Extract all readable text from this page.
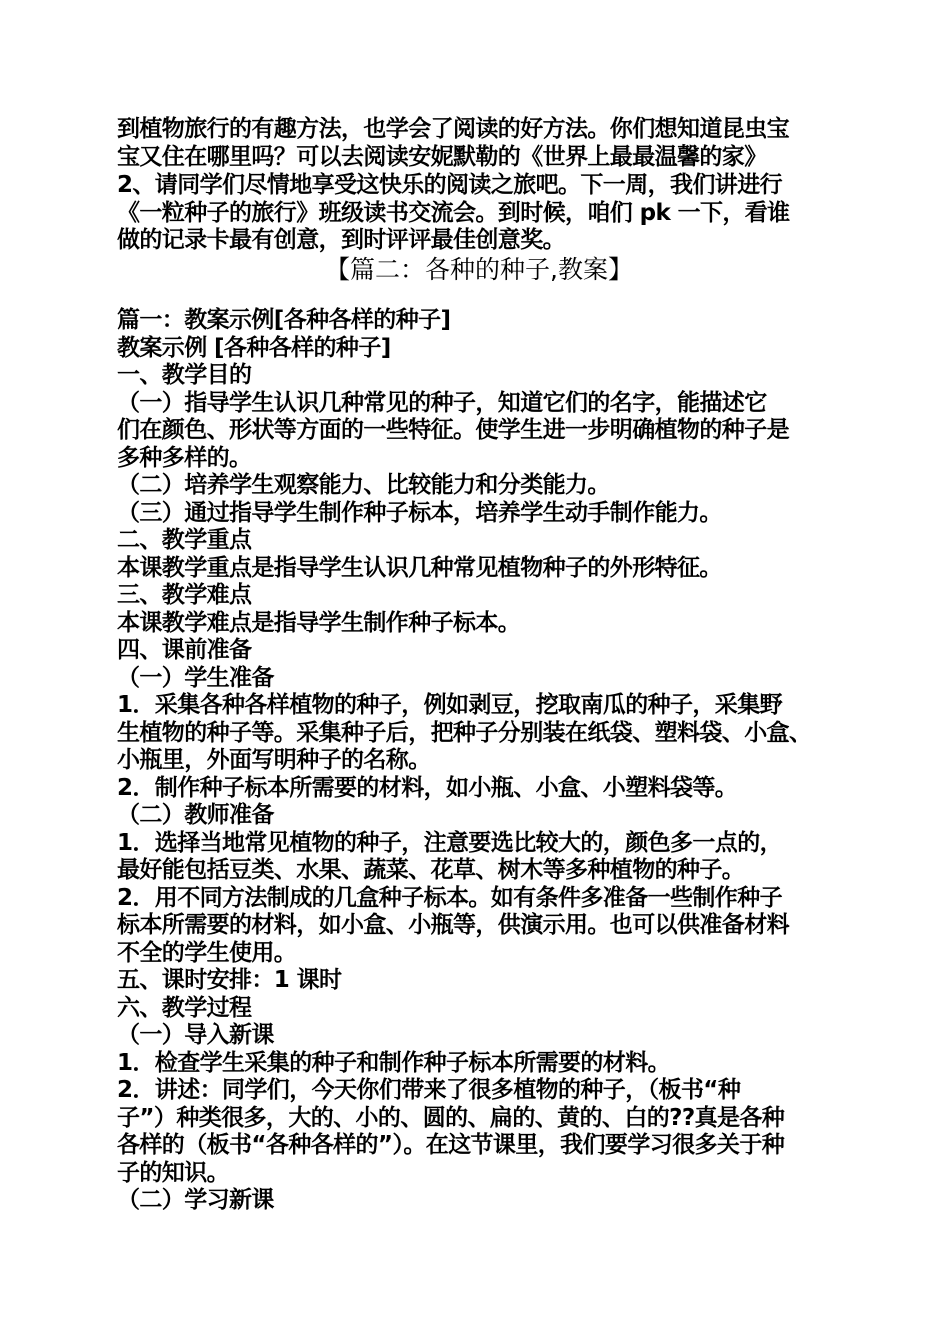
到植物旅行的有趣方法，也学会了阅读的好方法。你们想知道昆虫宝
宝又住在哪里吗？可以去阅读安妮默勒的《世界上最最温馨的家》
2、请同学们尽情地享受这快乐的阅读之旅吧。下一周，我们讲进行
《一粒种子的旅行》班级读书交流会。到时候，咱们 pk 一下，看谁
做的记录卡最有创意，到时评评最佳创意奖。
【篇二：各种的种子,教案】
篇一：教案示例[各种各样的种子]
教案示例 [各种各样的种子]
一、教学目的
（一）指导学生认识几种常见的种子，知道它们的名字，能描述它
们在颜色、形状等方面的一些特征。使学生进一步明确植物的种子是
多种多样的。
（二）培养学生观察能力、比较能力和分类能力。
（三）通过指导学生制作种子标本，培养学生动手制作能力。
二、教学重点
本课教学重点是指导学生认识几种常见植物种子的外形特征。
三、教学难点
本课教学难点是指导学生制作种子标本。
四、课前准备
（一）学生准备
1．采集各种各样植物的种子，例如剥豆，挖取南瓜的种子，采集野
生植物的种子等。采集种子后，把种子分别装在纸袋、塑料袋、小盒、
小瓶里，外面写明种子的名称。
2．制作种子标本所需要的材料，如小瓶、小盒、小塑料袋等。
（二）教师准备
1．选择当地常见植物的种子，注意要选比较大的，颜色多一点的，
最好能包括豆类、水果、蔬菜、花草、树木等多种植物的种子。
2．用不同方法制成的几盒种子标本。如有条件多准备一些制作种子
标本所需要的材料，如小盒、小瓶等，供演示用。也可以供准备材料
不全的学生使用。
五、课时安排：1 课时
六、教学过程
（一）导入新课
1．检查学生采集的种子和制作种子标本所需要的材料。
2．讲述：同学们，今天你们带来了很多植物的种子，（板书“种
子”）种类很多，大的、小的、圆的、扁的、黄的、白的??真是各种
各样的（板书“各种各样的”）。在这节课里，我们要学习很多关于种
子的知识。
（二）学习新课
